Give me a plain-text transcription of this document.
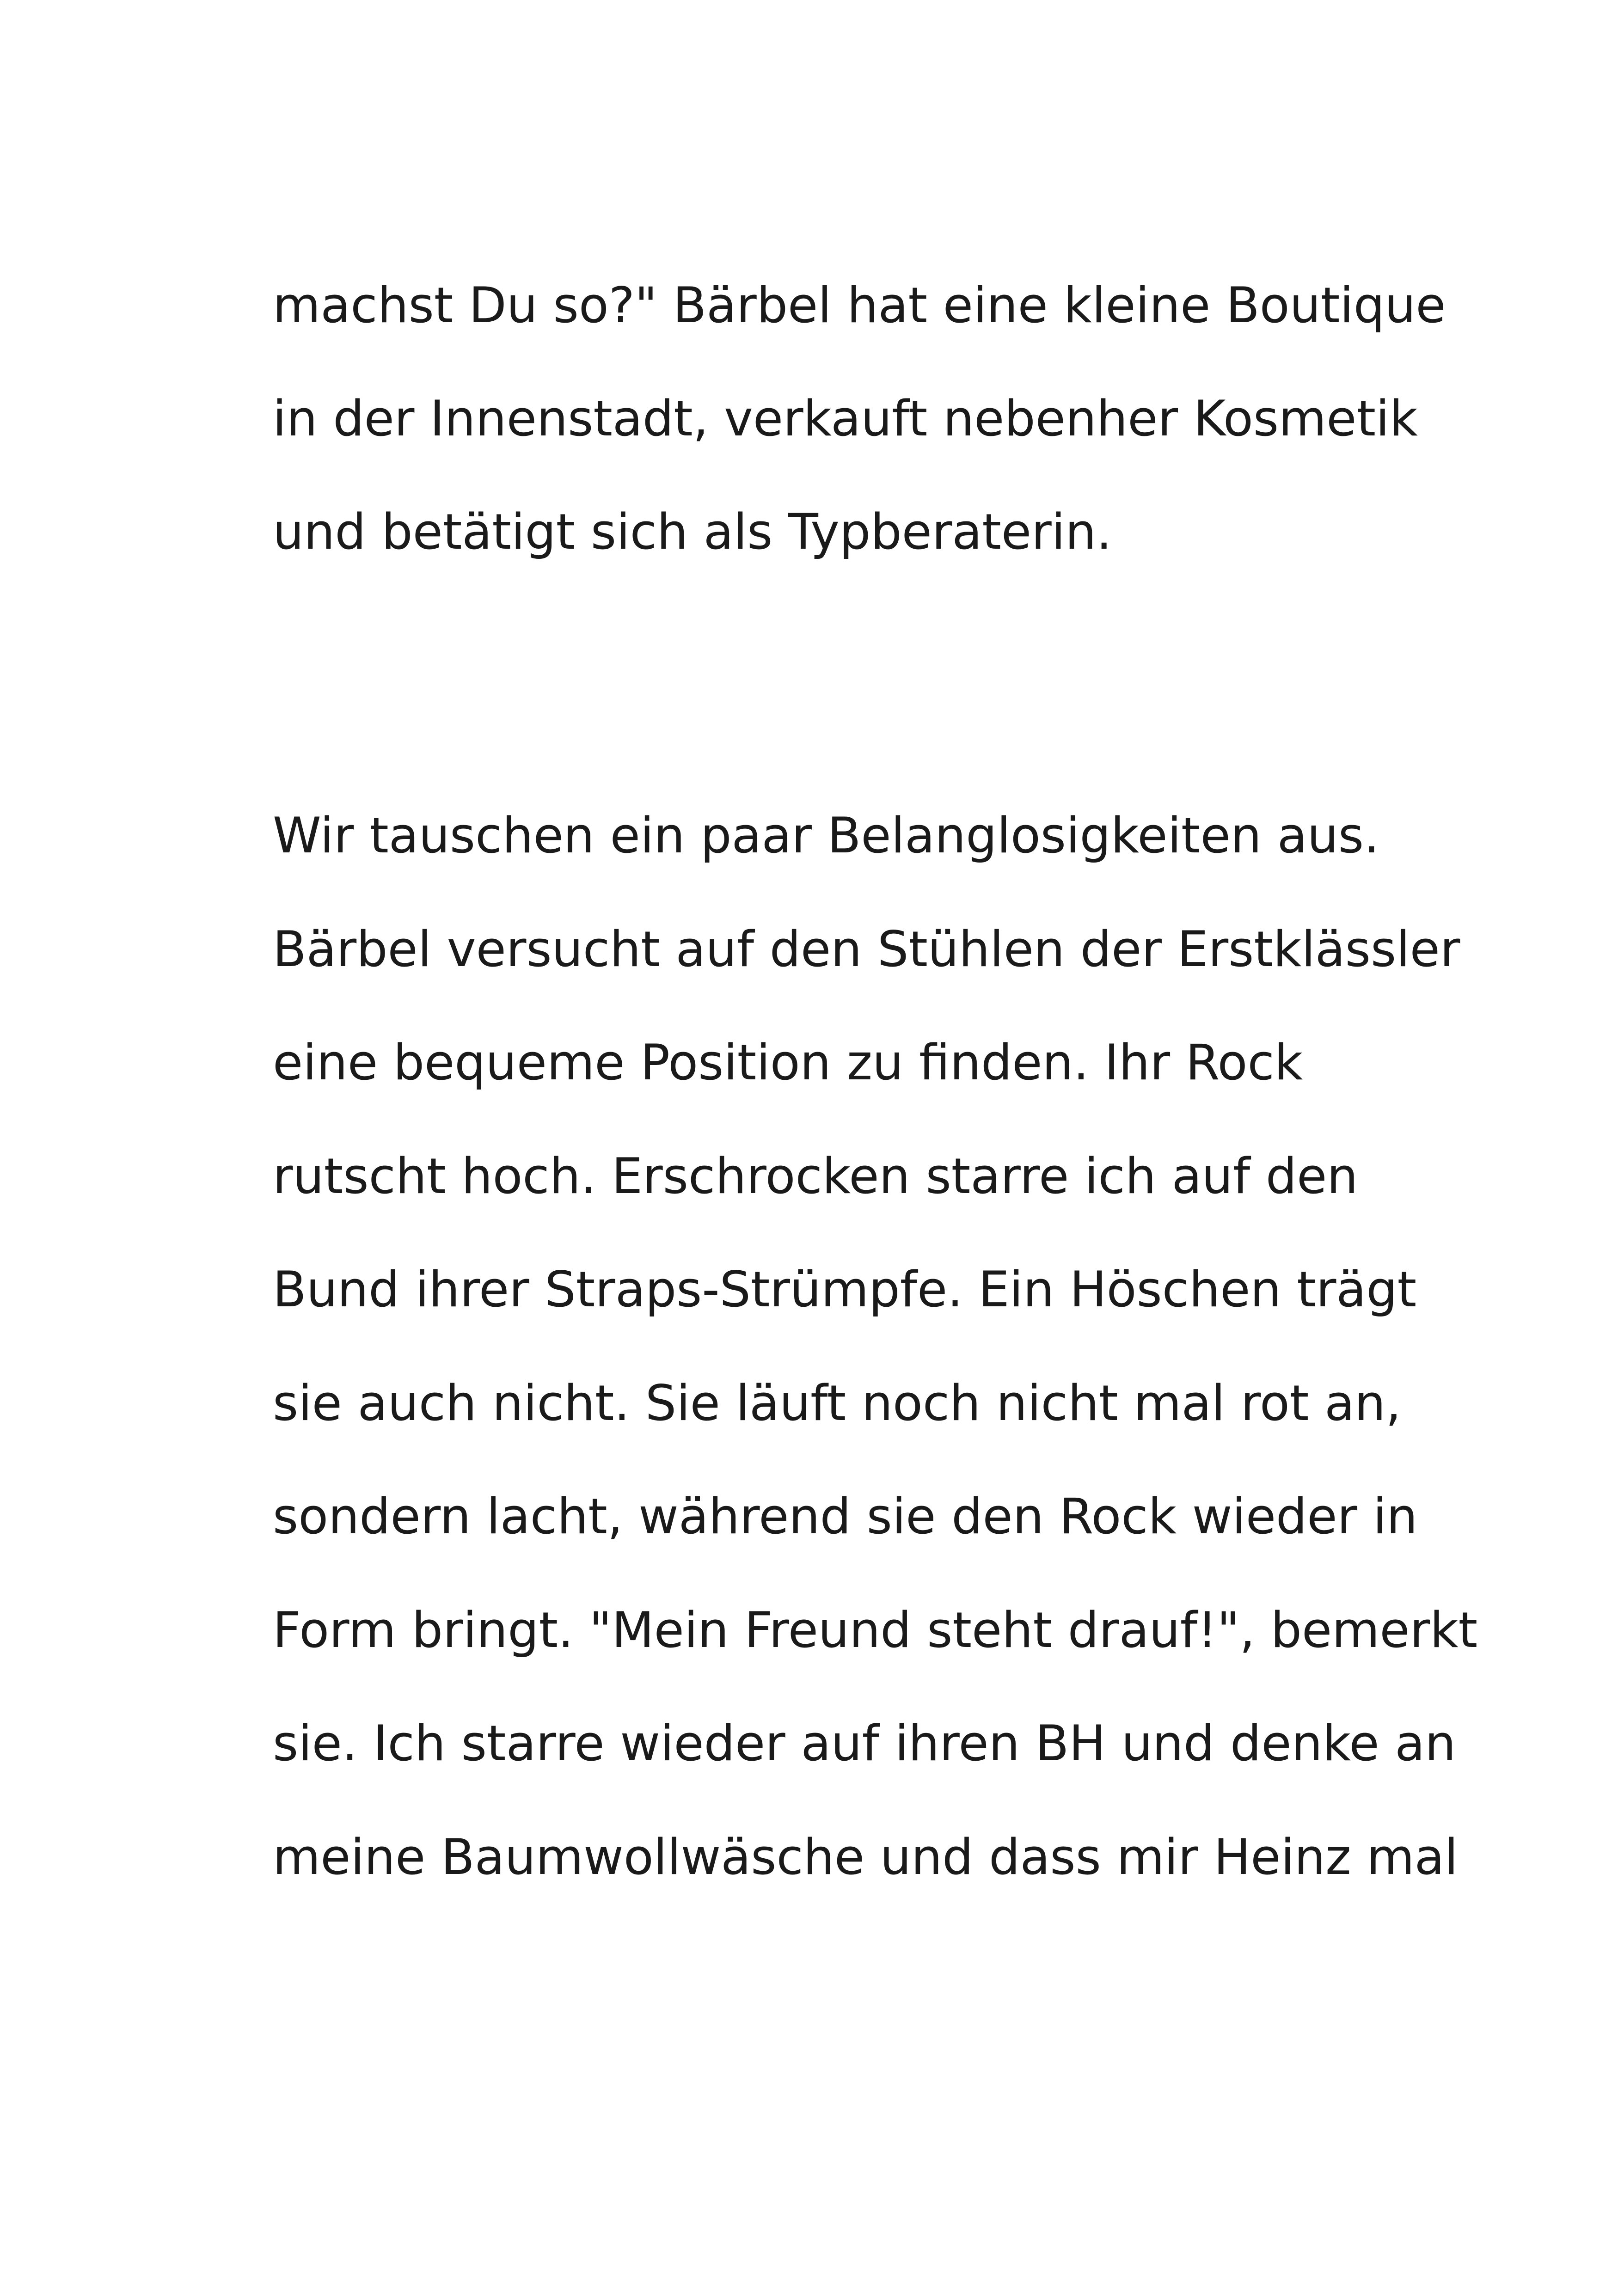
machst Du so?" Bärbel hat eine kleine Boutique

in der Innenstadt, verkauft nebenher Kosmetik

und betätigt sich als Typberaterin.

Wir tauschen ein paar Belanglosigkeiten aus.

Bärbel versucht auf den Stühlen der Erstklässler

eine bequeme Position zu finden. Ihr Rock

rutscht hoch. Erschrocken starre ich auf den

Bund ihrer Straps-Strümpfe. Ein Höschen trägt

sie auch nicht. Sie läuft noch nicht mal rot an,

sondern lacht, während sie den Rock wieder in

Form bringt. "Mein Freund steht drauf!", bemerkt

sie. Ich starre wieder auf ihren BH und denke an

meine Baumwollwäsche und dass mir Heinz mal
